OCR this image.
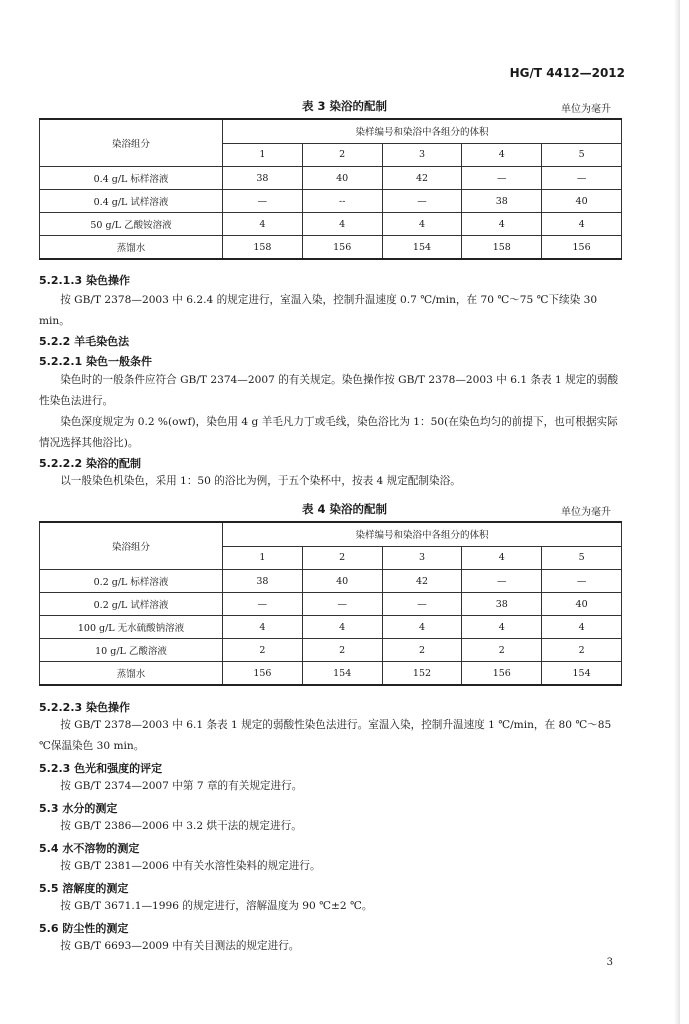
HG/T 4412—2012
表 3 染浴的配制	单位为毫升
染浴组分	染样编号和染浴中各组分的体积				
	1	2	3	4	5
0.4 g/L 标样溶液	38	40	42	—	—
0.4 g/L 试样溶液	—	--	—	38	40
50 g/L 乙酸铵溶液	4	4	4	4	4
蒸馏水	158	156	154	158	156
5.2.1.3 染色操作

按 GB/T 2378—2003 中 6.2.4 的规定进行，室温入染，控制升温速度 0.7 ℃/min，在 70 ℃～75 ℃下续染 30 min。

5.2.2 羊毛染色法
5.2.2.1 染色一般条件

染色时的一般条件应符合 GB/T 2374—2007 的有关规定。染色操作按 GB/T 2378—2003 中 6.1 条表 1 规定的弱酸性染色法进行。

染色深度规定为 0.2 %(owf)，染色用 4 g 羊毛凡力丁或毛线，染色浴比为 1：50(在染色均匀的前提下，也可根据实际情况选择其他浴比)。

5.2.2.2 染浴的配制

以一般染色机染色，采用 1：50 的浴比为例，于五个染杯中，按表 4 规定配制染浴。

表 4 染浴的配制	单位为毫升
染浴组分	染样编号和染浴中各组分的体积				
	1	2	3	4	5
0.2 g/L 标样溶液	38	40	42	—	—
0.2 g/L 试样溶液	—	—	—	38	40
100 g/L 无水硫酸钠溶液	4	4	4	4	4
10 g/L 乙酸溶液	2	2	2	2	2
蒸馏水	156	154	152	156	154
5.2.2.3 染色操作

按 GB/T 2378—2003 中 6.1 条表 1 规定的弱酸性染色法进行。室温入染，控制升温速度 1 ℃/min，在 80 ℃～85 ℃保温染色 30 min。

5.2.3 色光和强度的评定

按 GB/T 2374—2007 中第 7 章的有关规定进行。

5.3 水分的测定

按 GB/T 2386—2006 中 3.2 烘干法的规定进行。

5.4 水不溶物的测定

按 GB/T 2381—2006 中有关水溶性染料的规定进行。

5.5 溶解度的测定

按 GB/T 3671.1—1996 的规定进行，溶解温度为 90 ℃±2 ℃。

5.6 防尘性的测定

按 GB/T 6693—2009 中有关目测法的规定进行。

3
